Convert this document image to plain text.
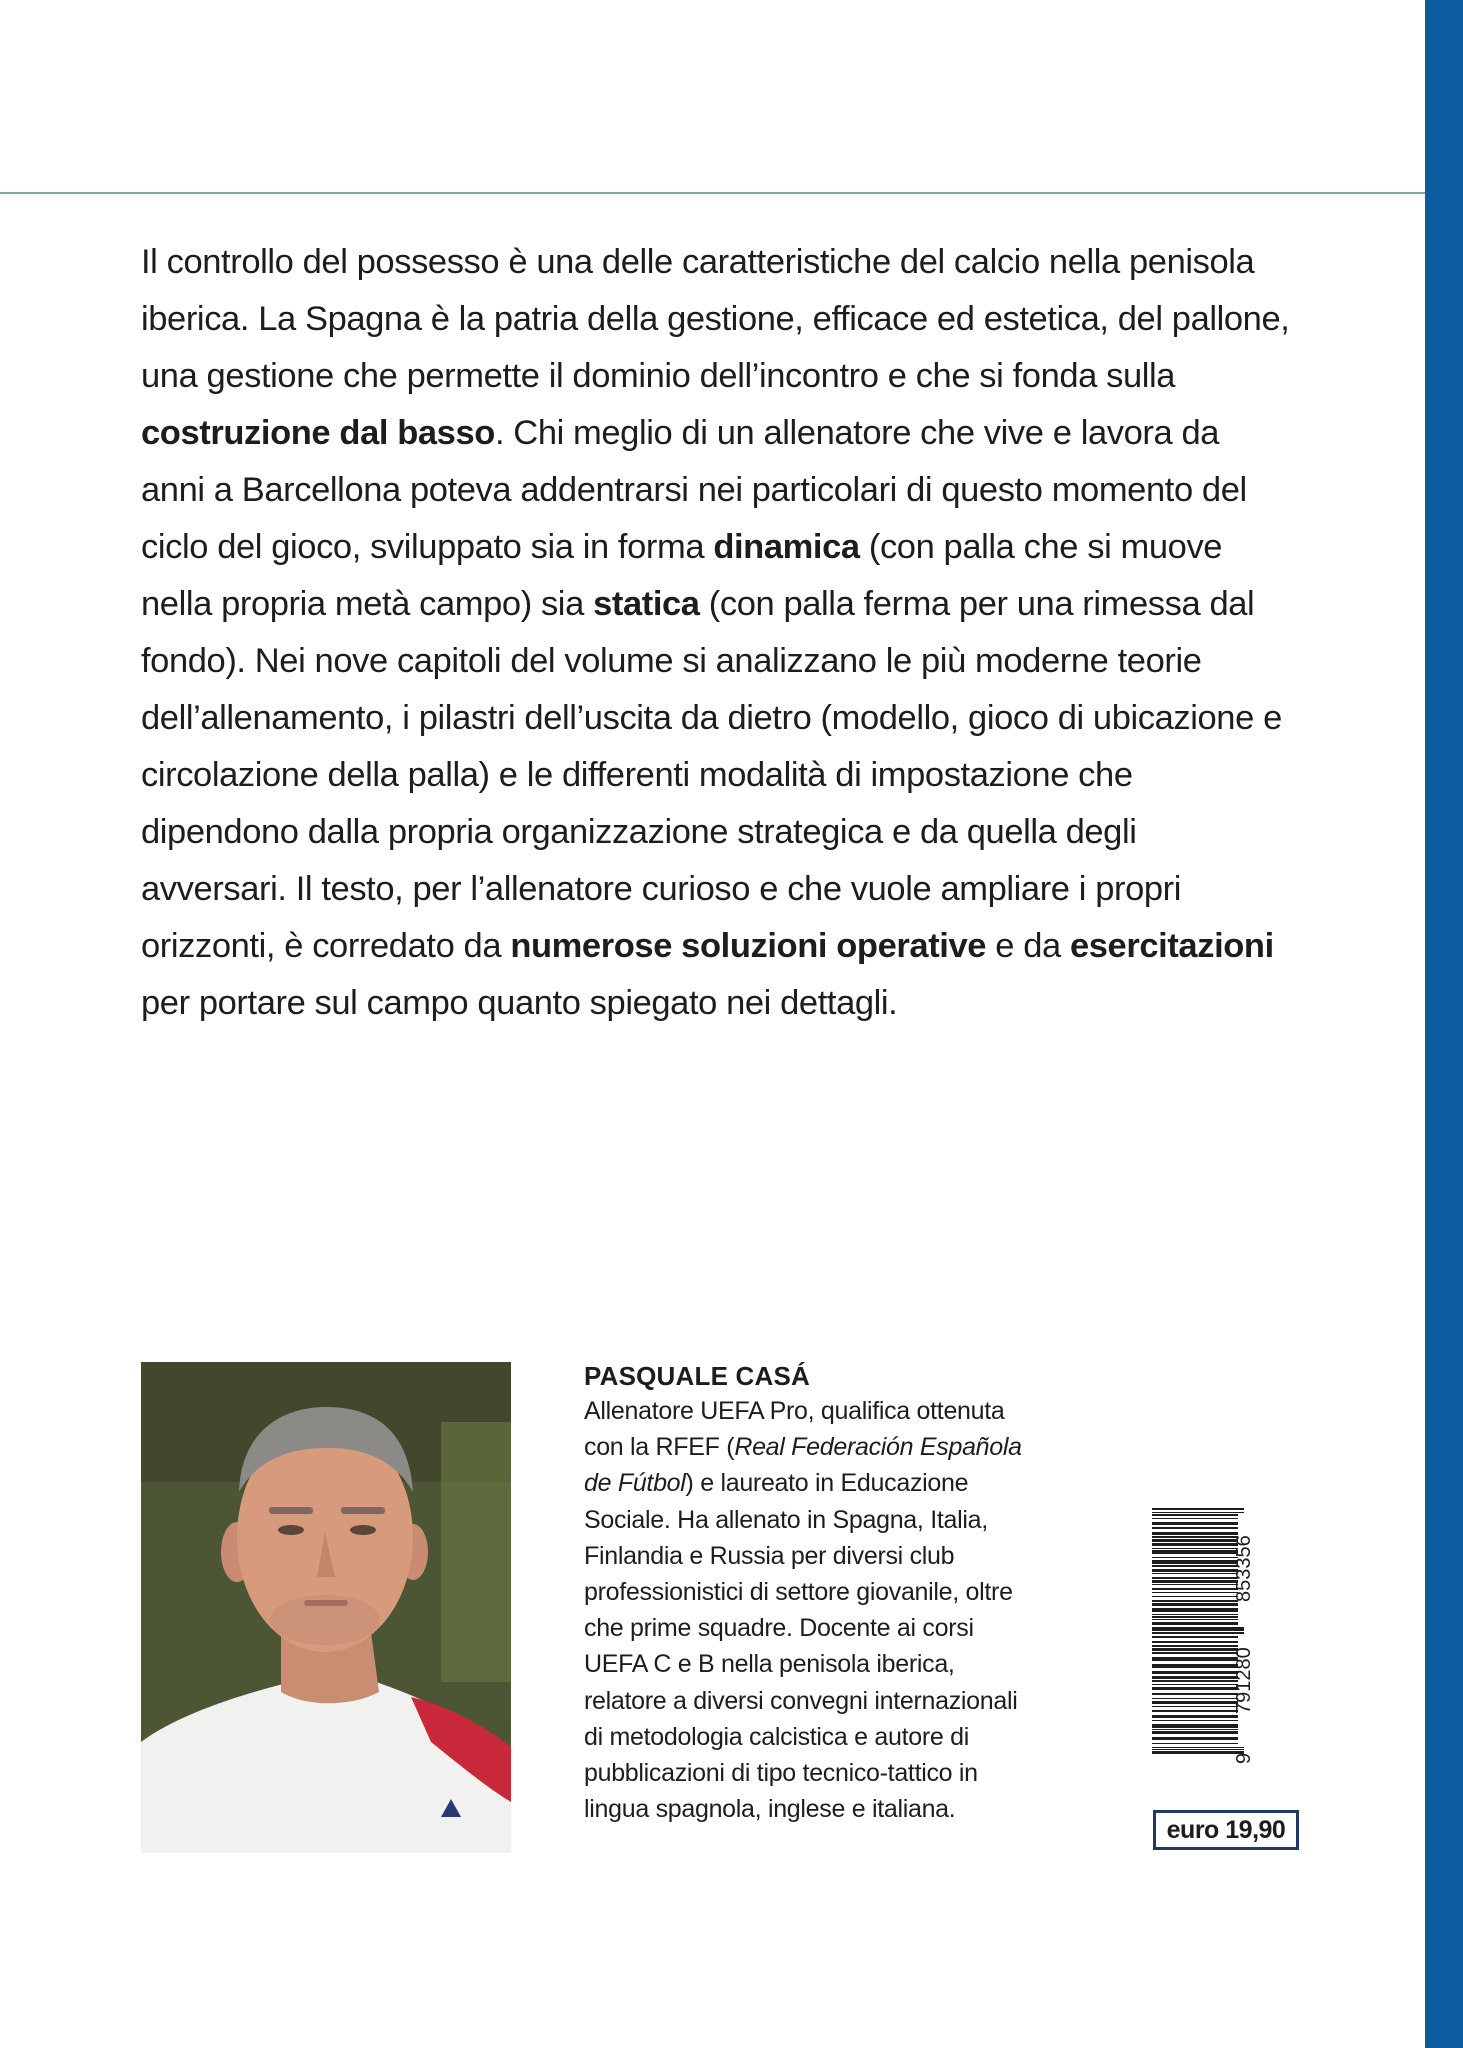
Il controllo del possesso è una delle caratteristiche del calcio nella penisola iberica. La Spagna è la patria della gestione, efficace ed estetica, del pallone, una gestione che permette il dominio dell’incontro e che si fonda sulla costruzione dal basso. Chi meglio di un allenatore che vive e lavora da anni a Barcellona poteva addentrarsi nei particolari di questo momento del ciclo del gioco, sviluppato sia in forma dinamica (con palla che si muove nella propria metà campo) sia statica (con palla ferma per una rimessa dal fondo). Nei nove capitoli del volume si analizzano le più moderne teorie dell’allenamento, i pilastri dell’uscita da dietro (modello, gioco di ubicazione e circolazione della palla) e le differenti modalità di impostazione che dipendono dalla propria organizzazione strategica e da quella degli avversari. Il testo, per l’allenatore curioso e che vuole ampliare i propri orizzonti, è corredato da numerose soluzioni operative e da esercitazioni per portare sul campo quanto spiegato nei dettagli.

PASQUALE CASÁ

Allenatore UEFA Pro, qualifica ottenuta con la RFEF (Real Federación Española de Fútbol) e laureato in Educazione Sociale. Ha allenato in Spagna, Italia, Finlandia e Russia per diversi club professionistici di settore giovanile, oltre che prime squadre. Docente ai corsi UEFA C e B nella penisola iberica, relatore a diversi convegni internazionali di metodologia calcistica e autore di pubblicazioni di tipo tecnico-tattico in lingua spagnola, inglese e italiana.

9
791280
853356
euro 19,90
